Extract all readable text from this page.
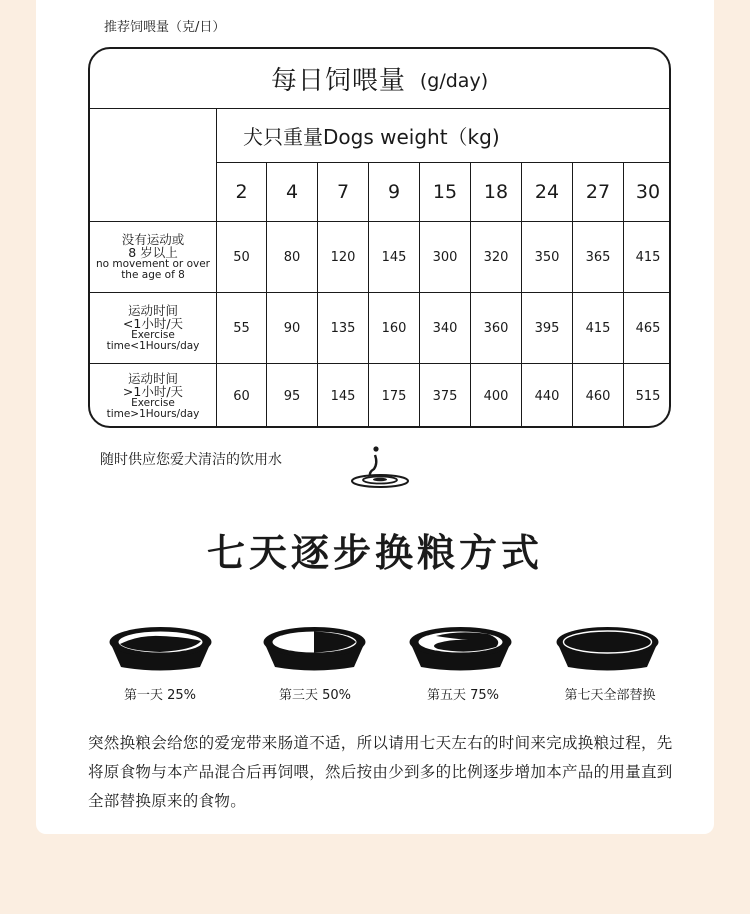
推荐饲喂量（克/日）
每日饲喂量 (g/day)
犬只重量Dogs weight（kg)
2	4	7	9	15	18	24	27	30
没有运动或
8 岁以上
no movement or over
the age of 8
50	80	120	145	300	320	350	365	415
运动时间
<1小时/天
Exercise
time<1Hours/day
55	90	135	160	340	360	395	415	465
运动时间
>1小时/天
Exercise
time>1Hours/day
60	95	145	175	375	400	440	460	515
随时供应您爱犬清洁的饮用水
七天逐步换粮方式
第一天 25%	第三天 50%	第五天 75%	第七天全部替换
突然换粮会给您的爱宠带来肠道不适，所以请用七天左右的时间来完成换粮过程，先将原食物与本产品混合后再饲喂，然后按由少到多的比例逐步增加本产品的用量直到全部替换原来的食物。
